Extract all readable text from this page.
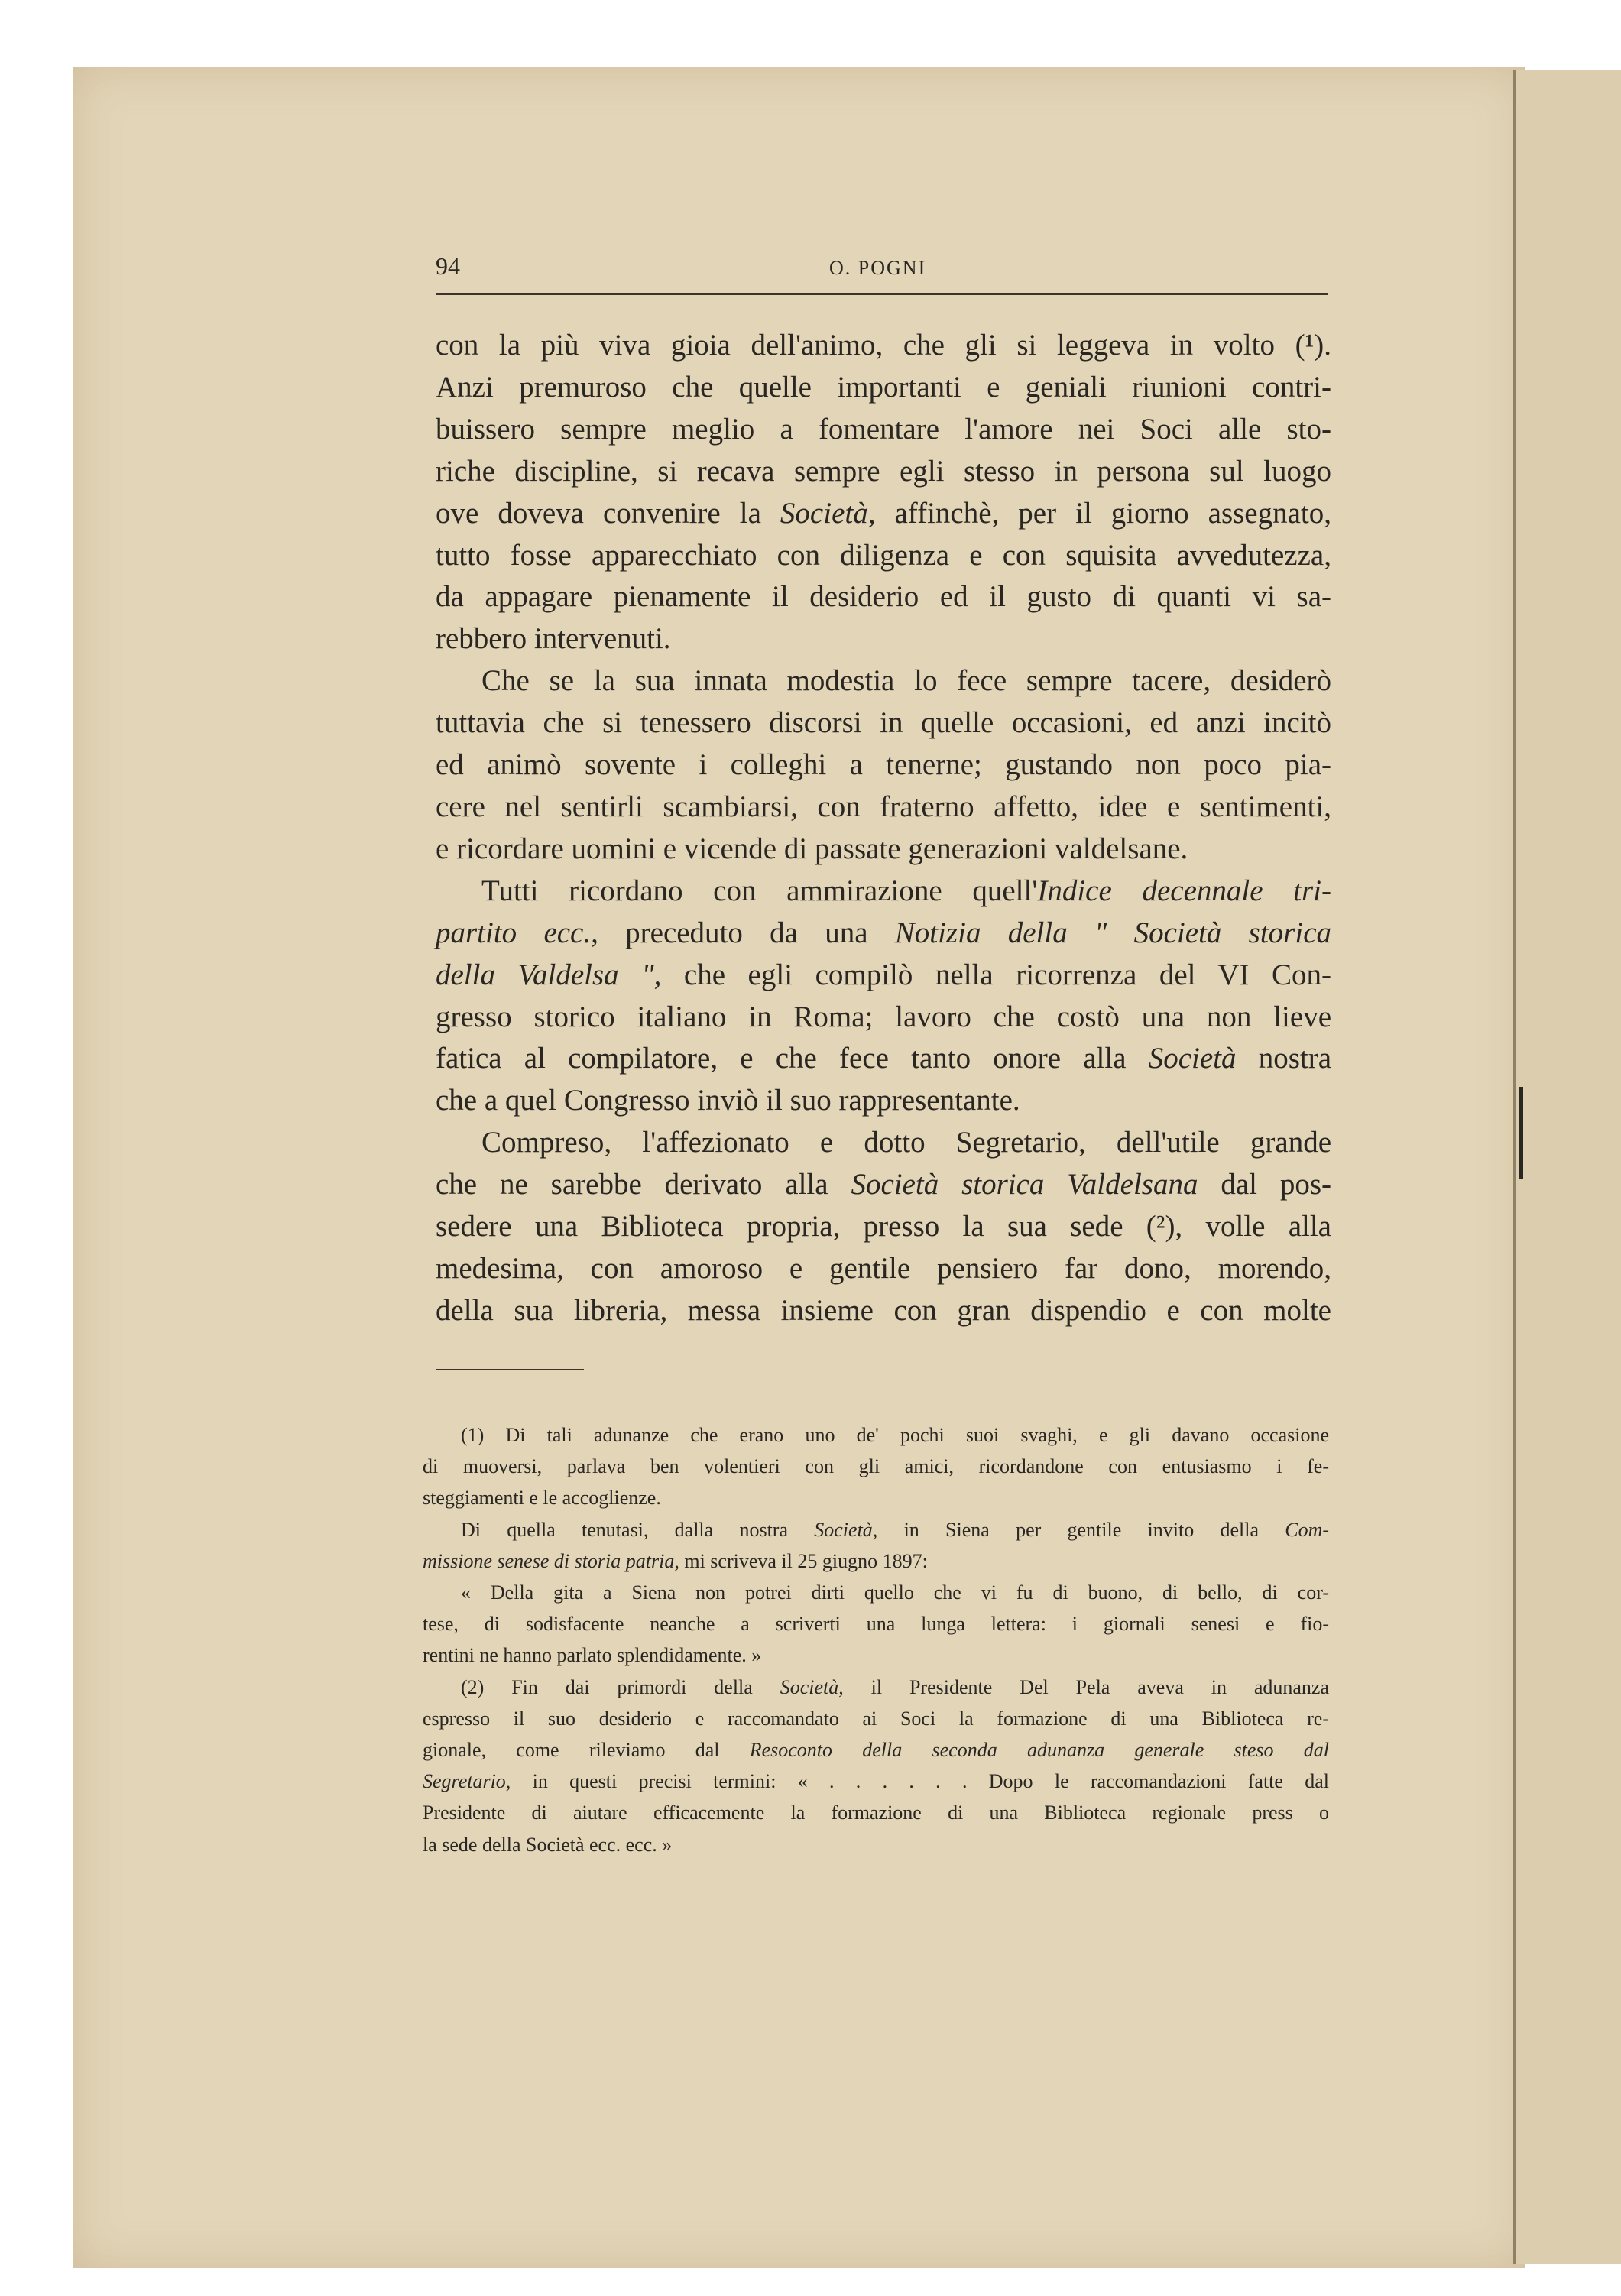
94	O. POGNI
con la più viva gioia dell'animo, che gli si leggeva in volto (¹).
Anzi premuroso che quelle importanti e geniali riunioni contri-
buissero sempre meglio a fomentare l'amore nei Soci alle sto-
riche discipline, si recava sempre egli stesso in persona sul luogo
ove doveva convenire la Società, affinchè, per il giorno assegnato,
tutto fosse apparecchiato con diligenza e con squisita avvedutezza,
da appagare pienamente il desiderio ed il gusto di quanti vi sa-
rebbero intervenuti.
Che se la sua innata modestia lo fece sempre tacere, desiderò
tuttavia che si tenessero discorsi in quelle occasioni, ed anzi incitò
ed animò sovente i colleghi a tenerne; gustando non poco pia-
cere nel sentirli scambiarsi, con fraterno affetto, idee e sentimenti,
e ricordare uomini e vicende di passate generazioni valdelsane.
Tutti ricordano con ammirazione quell'Indice decennale tri-
partito ecc., preceduto da una Notizia della " Società storica
della Valdelsa ", che egli compilò nella ricorrenza del VI Con-
gresso storico italiano in Roma; lavoro che costò una non lieve
fatica al compilatore, e che fece tanto onore alla Società nostra
che a quel Congresso inviò il suo rappresentante.
Compreso, l'affezionato e dotto Segretario, dell'utile grande
che ne sarebbe derivato alla Società storica Valdelsana dal pos-
sedere una Biblioteca propria, presso la sua sede (²), volle alla
medesima, con amoroso e gentile pensiero far dono, morendo,
della sua libreria, messa insieme con gran dispendio e con molte
(1) Di tali adunanze che erano uno de' pochi suoi svaghi, e gli davano occasione
di muoversi, parlava ben volentieri con gli amici, ricordandone con entusiasmo i fe-
steggiamenti e le accoglienze.
Di quella tenutasi, dalla nostra Società, in Siena per gentile invito della Com-
missione senese di storia patria, mi scriveva il 25 giugno 1897:
« Della gita a Siena non potrei dirti quello che vi fu di buono, di bello, di cor-
tese, di sodisfacente neanche a scriverti una lunga lettera: i giornali senesi e fio-
rentini ne hanno parlato splendidamente. »
(2) Fin dai primordi della Società, il Presidente Del Pela aveva in adunanza
espresso il suo desiderio e raccomandato ai Soci la formazione di una Biblioteca re-
gionale, come rileviamo dal Resoconto della seconda adunanza generale steso dal
Segretario, in questi precisi termini: « . . . . . . Dopo le raccomandazioni fatte dal
Presidente di aiutare efficacemente la formazione di una Biblioteca regionale press o
la sede della Società ecc. ecc. »
